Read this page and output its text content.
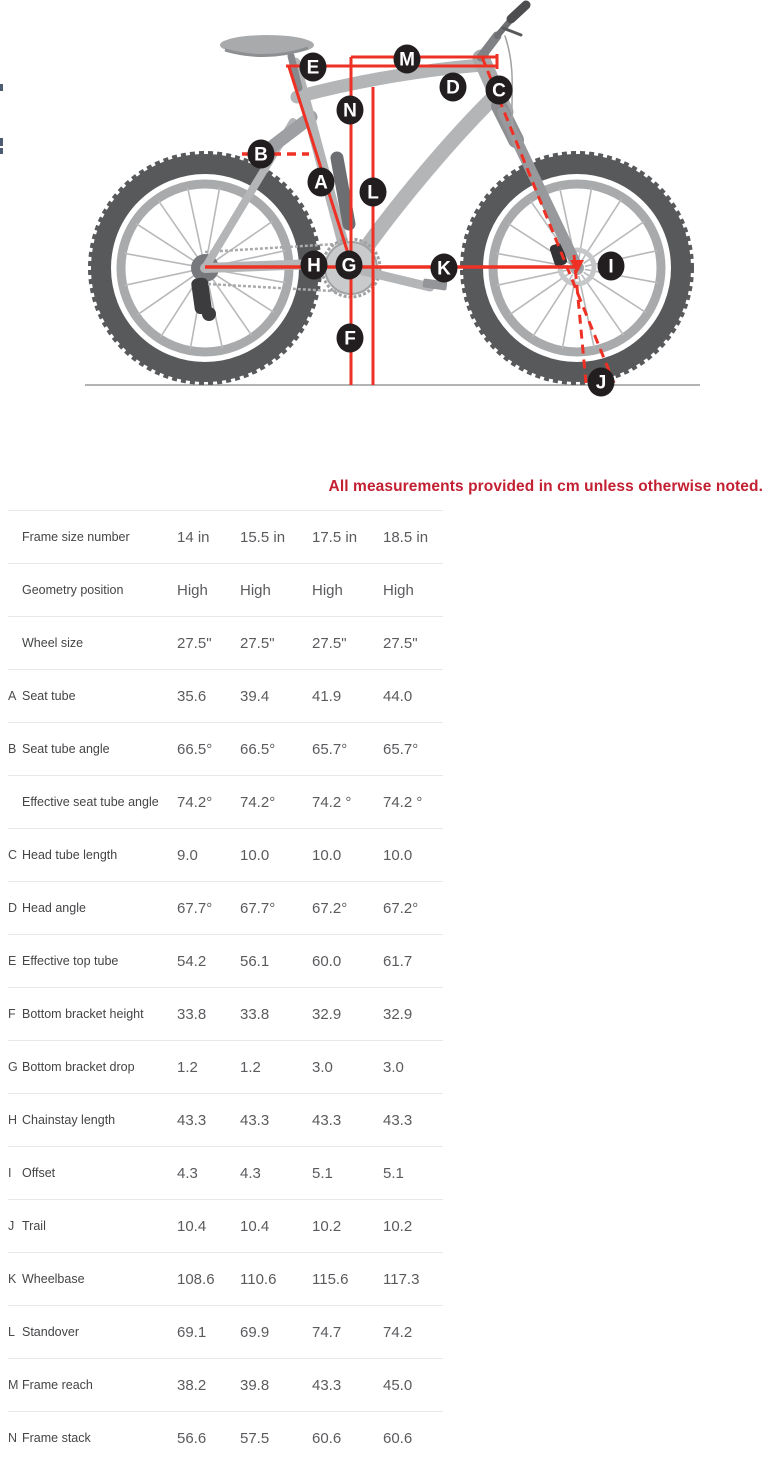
A
B
C
D
E
F
G
H	I
J
K
L
M
N
All measurements provided in cm unless otherwise noted.
Frame size number	14 in	15.5 in	17.5 in	18.5 in
Geometry position	High	High	High	High
Wheel size	27.5"	27.5"	27.5"	27.5"
A Seat tube	35.6	39.4	41.9	44.0
B Seat tube angle	66.5°	66.5°	65.7°	65.7°
Effective seat tube angle	74.2°	74.2°	74.2 °	74.2 °
C Head tube length	9.0	10.0	10.0	10.0
D Head angle	67.7°	67.7°	67.2°	67.2°
E Effective top tube	54.2	56.1	60.0	61.7
F Bottom bracket height	33.8	33.8	32.9	32.9
G Bottom bracket drop	1.2	1.2	3.0	3.0
H Chainstay length	43.3	43.3	43.3	43.3
I Offset	4.3	4.3	5.1	5.1
J Trail	10.4	10.4	10.2	10.2
K Wheelbase	108.6	110.6	115.6	117.3
L Standover	69.1	69.9	74.7	74.2
M Frame reach	38.2	39.8	43.3	45.0
N Frame stack	56.6	57.5	60.6	60.6
